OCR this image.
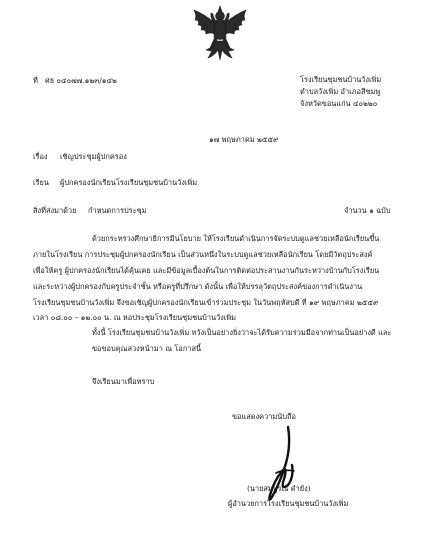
ที่ ศธ ๐๔๐๗๗.๑๒๓/๑๔๒	โรงเรียนชุมชนบ้านวังเพิ่ม
ตำบลวังเพิ่ม อำเภอสีชมพู
จังหวัดขอนแก่น ๔๐๒๒๐
๑๗ พฤษภาคม ๒๕๕๙
เรื่อง เชิญประชุมผู้ปกครอง
เรียน ผู้ปกครองนักเรียนโรงเรียนชุมชนบ้านวังเพิ่ม
สิ่งที่ส่งมาด้วย กำหนดการประชุม	จำนวน ๑ ฉบับ
ด้วยกระทรวงศึกษาธิการมีนโยบาย ให้โรงเรียนดำเนินการจัดระบบดูแลช่วยเหลือนักเรียนขึ้น
ภายในโรงเรียน การประชุมผู้ปกครองนักเรียน เป็นส่วนหนึ่งในระบบดูแลช่วยเหลือนักเรียน โดยมีวัตถุประสงค์
เพื่อให้ครู ผู้ปกครองนักเรียนได้คุ้นเคย และมีข้อมูลเบื้องต้นในการติดต่อประสานงานกันระหว่างบ้านกับโรงเรียน
และระหว่างผู้ปกครองกับครูประจำชั้น หรือครูที่ปรึกษา ดังนั้น เพื่อให้บรรลุวัตถุประสงค์ของการดำเนินงาน
โรงเรียนชุมชนบ้านวังเพิ่ม จึงขอเชิญผู้ปกครองนักเรียนเข้าร่วมประชุม ในวันพฤหัสบดี ที่ ๑๙ พฤษภาคม ๒๕๕๙
เวลา ๐๘.๐๐ – ๑๒.๐๐ น. ณ หอประชุมโรงเรียนชุมชนบ้านวังเพิ่ม
ทั้งนี้ โรงเรียนชุมชนบ้านวังเพิ่ม หวังเป็นอย่างยิ่งว่าจะได้รับความร่วมมือจากท่านเป็นอย่างดี และ
ขอขอบคุณล่วงหน้ามา ณ โอกาสนี้
จึงเรียนมาเพื่อทราบ
ขอแสดงความนับถือ
(นายสมบูรณ์ คำยัง)
ผู้อำนวยการโรงเรียนชุมชนบ้านวังเพิ่ม
